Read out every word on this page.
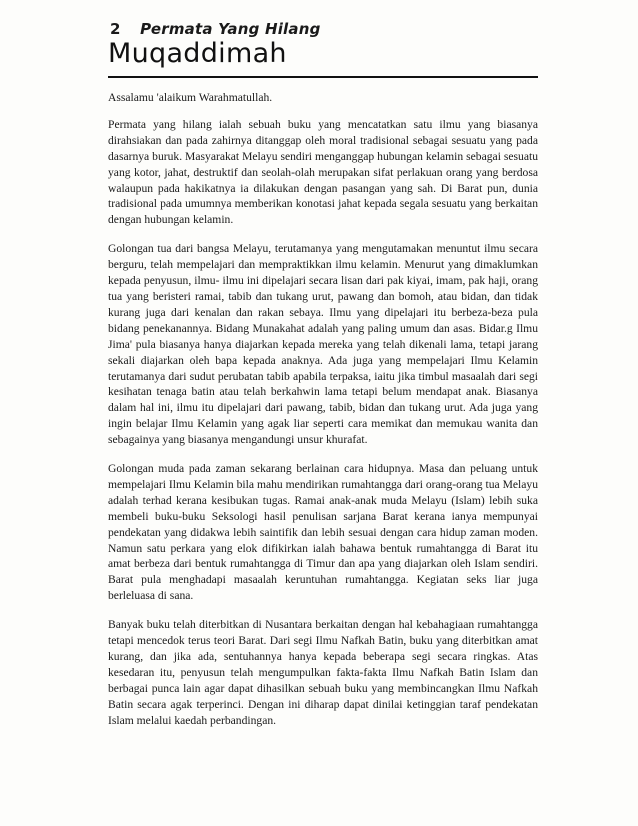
2 Permata Yang Hilang
Muqaddimah

Assalamu 'alaikum Warahmatullah.

Permata yang hilang ialah sebuah buku yang mencatatkan satu ilmu yang biasanya dirahsiakan dan pada zahirnya ditanggap oleh moral tradisional sebagai sesuatu yang pada dasarnya buruk. Masyarakat Melayu sendiri menganggap hubungan kelamin sebagai sesuatu yang kotor, jahat, destruktif dan seolah-olah merupakan sifat perlakuan orang yang berdosa walaupun pada hakikatnya ia dilakukan dengan pasangan yang sah. Di Barat pun, dunia tradisional pada umumnya memberikan konotasi jahat kepada segala sesuatu yang berkaitan dengan hubungan kelamin.

Golongan tua dari bangsa Melayu, terutamanya yang mengutamakan menuntut ilmu secara berguru, telah mempelajari dan mempraktikkan ilmu kelamin. Menurut yang dimaklumkan kepada penyusun, ilmu- ilmu ini dipelajari secara lisan dari pak kiyai, imam, pak haji, orang tua yang beristeri ramai, tabib dan tukang urut, pawang dan bomoh, atau bidan, dan tidak kurang juga dari kenalan dan rakan sebaya. Ilmu yang dipelajari itu berbeza-beza pula bidang penekanannya. Bidang Munakahat adalah yang paling umum dan asas. Bidar.g Ilmu Jima' pula biasanya hanya diajarkan kepada mereka yang telah dikenali lama, tetapi jarang sekali diajarkan oleh bapa kepada anaknya. Ada juga yang mempelajari Ilmu Kelamin terutamanya dari sudut perubatan tabib apabila terpaksa, iaitu jika timbul masaalah dari segi kesihatan tenaga batin atau telah berkahwin lama tetapi belum mendapat anak. Biasanya dalam hal ini, ilmu itu dipelajari dari pawang, tabib, bidan dan tukang urut. Ada juga yang ingin belajar Ilmu Kelamin yang agak liar seperti cara memikat dan memukau wanita dan sebagainya yang biasanya mengandungi unsur khurafat.

Golongan muda pada zaman sekarang berlainan cara hidupnya. Masa dan peluang untuk mempelajari Ilmu Kelamin bila mahu mendirikan rumahtangga dari orang-orang tua Melayu adalah terhad kerana kesibukan tugas. Ramai anak-anak muda Melayu (Islam) lebih suka membeli buku-buku Seksologi hasil penulisan sarjana Barat kerana ianya mempunyai pendekatan yang didakwa lebih saintifik dan lebih sesuai dengan cara hidup zaman moden. Namun satu perkara yang elok difikirkan ialah bahawa bentuk rumahtangga di Barat itu amat berbeza dari bentuk rumahtangga di Timur dan apa yang diajarkan oleh Islam sendiri. Barat pula menghadapi masaalah keruntuhan rumahtangga. Kegiatan seks liar juga berleluasa di sana.

Banyak buku telah diterbitkan di Nusantara berkaitan dengan hal kebahagiaan rumahtangga tetapi mencedok terus teori Barat. Dari segi Ilmu Nafkah Batin, buku yang diterbitkan amat kurang, dan jika ada, sentuhannya hanya kepada beberapa segi secara ringkas. Atas kesedaran itu, penyusun telah mengumpulkan fakta-fakta Ilmu Nafkah Batin Islam dan berbagai punca lain agar dapat dihasilkan sebuah buku yang membincangkan Ilmu Nafkah Batin secara agak terperinci. Dengan ini diharap dapat dinilai ketinggian taraf pendekatan Islam melalui kaedah perbandingan.
